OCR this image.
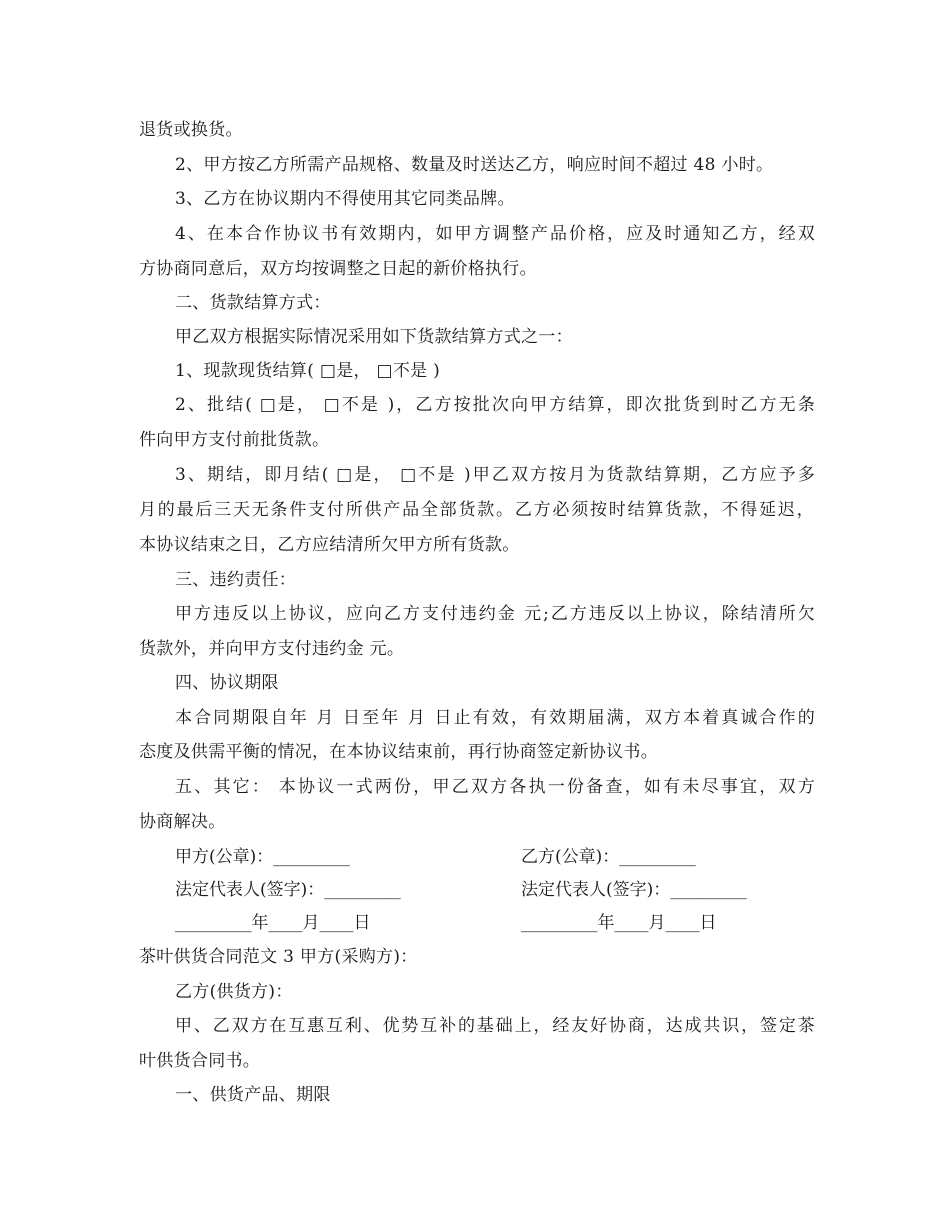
退货或换货。
2、甲方按乙方所需产品规格、数量及时送达乙方，响应时间不超过 48 小时。
3、乙方在协议期内不得使用其它同类品牌。
4、在本合作协议书有效期内，如甲方调整产品价格，应及时通知乙方，经双
方协商同意后，双方均按调整之日起的新价格执行。
二、货款结算方式：
甲乙双方根据实际情况采用如下货款结算方式之一：
1、现款现货结算( □是， □不是 )
2、批结( □是， □不是 )，乙方按批次向甲方结算，即次批货到时乙方无条
件向甲方支付前批货款。
3、期结，即月结( □是， □不是 )甲乙双方按月为货款结算期，乙方应予多
月的最后三天无条件支付所供产品全部货款。乙方必须按时结算货款，不得延迟，
本协议结束之日，乙方应结清所欠甲方所有货款。
三、违约责任：
甲方违反以上协议，应向乙方支付违约金 元;乙方违反以上协议，除结清所欠
货款外，并向甲方支付违约金 元。
四、协议期限
本合同期限自年 月 日至年 月 日止有效，有效期届满，双方本着真诚合作的
态度及供需平衡的情况，在本协议结束前，再行协商签定新协议书。
五、其它： 本协议一式两份，甲乙双方各执一份备查，如有未尽事宜，双方
协商解决。
甲方(公章)：_________	乙方(公章)：_________
法定代表人(签字)：_________	法定代表人(签字)：_________
_________年____月____日	_________年____月____日
茶叶供货合同范文 3 甲方(采购方)：
乙方(供货方)：
甲、乙双方在互惠互利、优势互补的基础上，经友好协商，达成共识，签定茶
叶供货合同书。
一、供货产品、期限
